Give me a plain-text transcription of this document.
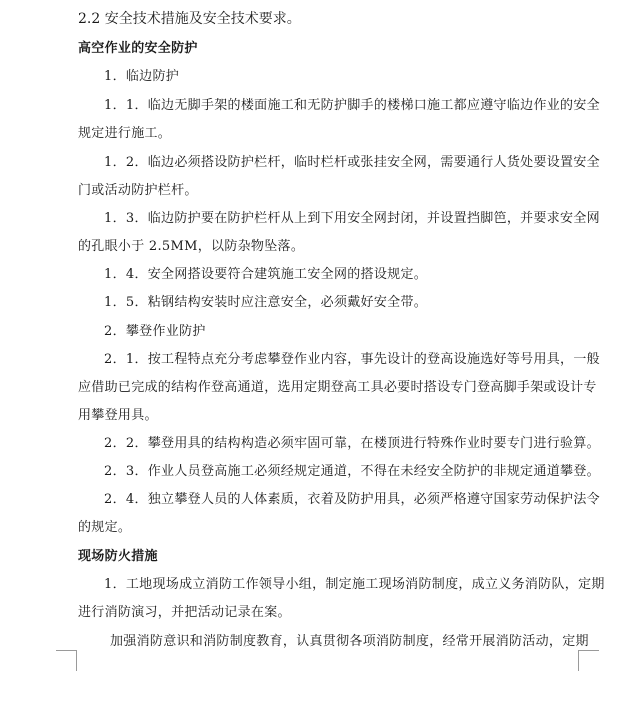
2.2 安全技术措施及安全技术要求。
高空作业的安全防护
1．临边防护
1．1．临边无脚手架的楼面施工和无防护脚手的楼梯口施工都应遵守临边作业的安全
规定进行施工。
1．2．临边必须搭设防护栏杆，临时栏杆或张挂安全网，需要通行人货处要设置安全
门或活动防护栏杆。
1．3．临边防护要在防护栏杆从上到下用安全网封闭，并设置挡脚笆，并要求安全网
的孔眼小于 2.5MM，以防杂物坠落。
1．4．安全网搭设要符合建筑施工安全网的搭设规定。
1．5．粘钢结构安装时应注意安全，必须戴好安全带。
2．攀登作业防护
2．1．按工程特点充分考虑攀登作业内容，事先设计的登高设施选好等号用具，一般
应借助已完成的结构作登高通道，选用定期登高工具必要时搭设专门登高脚手架或设计专
用攀登用具。
2．2．攀登用具的结构构造必须牢固可靠，在楼顶进行特殊作业时要专门进行验算。
2．3．作业人员登高施工必须经规定通道，不得在未经安全防护的非规定通道攀登。
2．4．独立攀登人员的人体素质，衣着及防护用具，必须严格遵守国家劳动保护法令
的规定。
现场防火措施
1．工地现场成立消防工作领导小组，制定施工现场消防制度，成立义务消防队，定期
进行消防演习，并把活动记录在案。
加强消防意识和消防制度教育，认真贯彻各项消防制度，经常开展消防活动，定期
